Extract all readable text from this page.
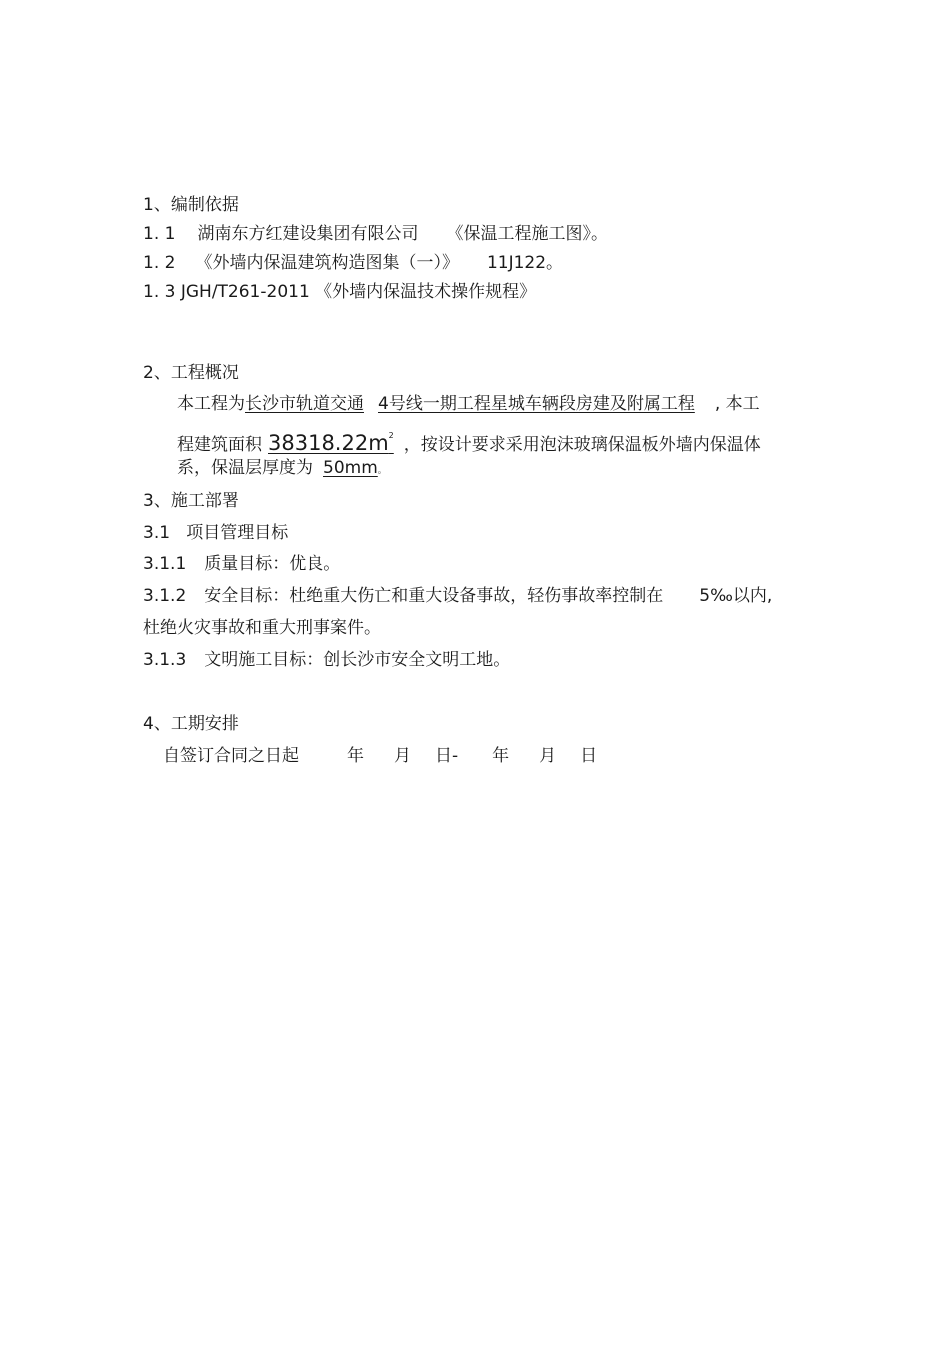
1、编制依据
1. 1 湖南东方红建设集团有限公司 《保温工程施工图》。
1. 2 《外墙内保温建筑构造图集（一）》 11J122。
1. 3 JGH/T261-2011 《外墙内保温技术操作规程》
2、工程概况
本工程为长沙市轨道交通 4号线一期工程星城车辆段房建及附属工程 , 本工
程建筑面积 $38318.22m^2$ ，按设计要求采用泡沫玻璃保温板外墙内保温体
系，保温层厚度为 50mm。
3、施工部署
3.1   项目管理目标
3.1.1 质量目标：优良。
3.1.2 安全目标：杜绝重大伤亡和重大设备事故，轻伤事故率控制在 5‰以内,
杜绝火灾事故和重大刑事案件。
3.1.3 文明施工目标：创长沙市安全文明工地。
4、工期安排
自签订合同之日起	年 月 日- 年 月 日
